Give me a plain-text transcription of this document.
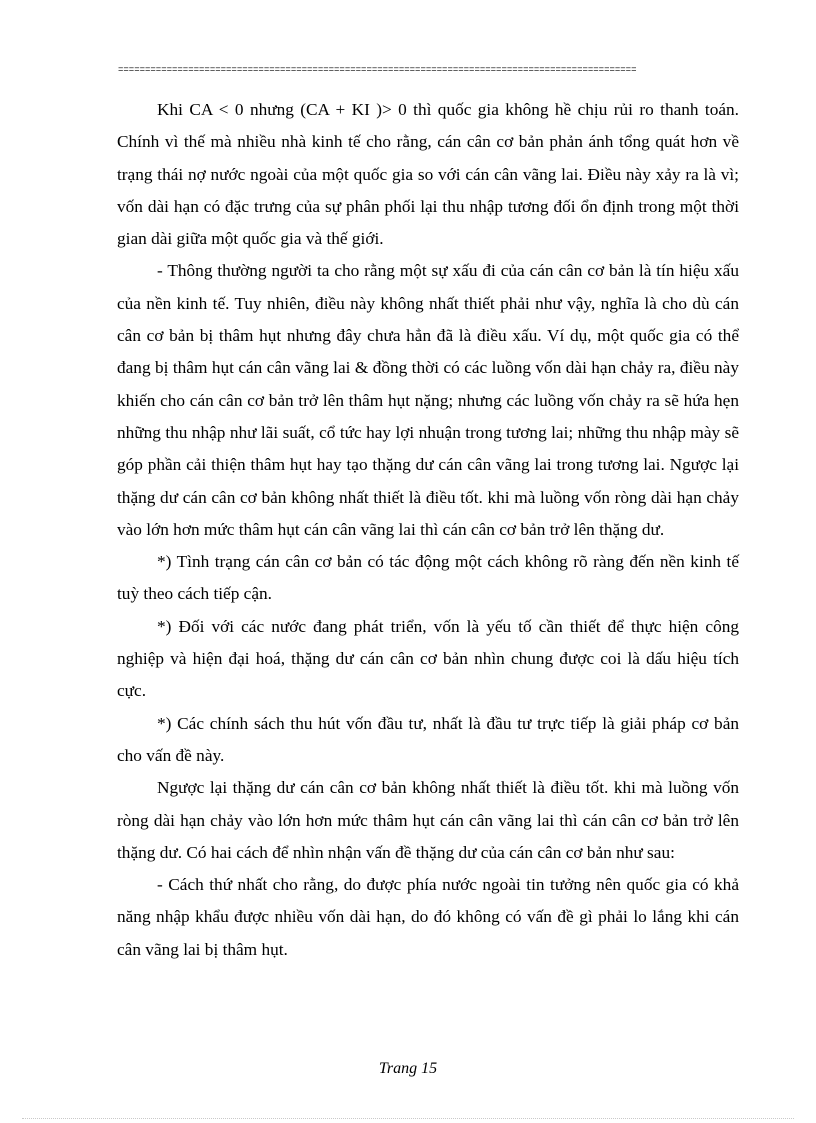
================================================================================================

Khi CA < 0 nhưng (CA + KI )> 0 thì quốc gia không hề chịu rủi ro thanh toán. Chính vì thế mà nhiều nhà kinh tế cho rằng, cán cân cơ bản phản ánh tổng quát hơn về trạng thái nợ nước ngoài của một quốc gia so với cán cân vãng lai. Điều này xảy ra là vì; vốn dài hạn có đặc trưng của sự phân phối lại thu nhập tương đối ổn định trong một thời gian dài giữa một quốc gia và thế giới.

- Thông thường người ta cho rằng một sự xấu đi của cán cân cơ bản là tín hiệu xấu của nền kinh tế. Tuy nhiên, điều này không nhất thiết phải như vậy, nghĩa là cho dù cán cân cơ bản bị thâm hụt nhưng đây chưa hẳn đã là điều xấu. Ví dụ, một quốc gia có thể đang bị thâm hụt cán cân vãng lai & đồng thời có các luồng vốn dài hạn chảy ra, điều này khiến cho cán cân cơ bản trở lên thâm hụt nặng; nhưng các luồng vốn chảy ra sẽ hứa hẹn những thu nhập như lãi suất, cổ tức hay lợi nhuận trong tương lai; những thu nhập mày sẽ góp phần cải thiện thâm hụt hay tạo thặng dư cán cân vãng lai trong tương lai. Ngược lại thặng dư cán cân cơ bản không nhất thiết là điều tốt. khi mà luồng vốn ròng dài hạn chảy vào lớn hơn mức thâm hụt cán cân vãng lai thì cán cân cơ bản trở lên thặng dư.

*) Tình trạng cán cân cơ bản có tác động một cách không rõ ràng đến nền kinh tế tuỳ theo cách tiếp cận.

*) Đối với các nước đang phát triển, vốn là yếu tố cần thiết để thực hiện công nghiệp và hiện đại hoá, thặng dư cán cân cơ bản nhìn chung được coi là dấu hiệu tích cực.

*) Các chính sách thu hút vốn đầu tư, nhất là đầu tư trực tiếp là giải pháp cơ bản cho vấn đề này.

Ngược lại thặng dư cán cân cơ bản không nhất thiết là điều tốt. khi mà luồng vốn ròng dài hạn chảy vào lớn hơn mức thâm hụt cán cân vãng lai thì cán cân cơ bản trở lên thặng dư. Có hai cách để nhìn nhận vấn đề thặng dư của cán cân cơ bản như sau:

- Cách thứ nhất cho rằng, do được phía nước ngoài tin tưởng nên quốc gia có khả năng nhập khẩu được nhiều vốn dài hạn, do đó không có vấn đề gì phải lo lắng khi cán cân vãng lai bị thâm hụt.

Trang 15
